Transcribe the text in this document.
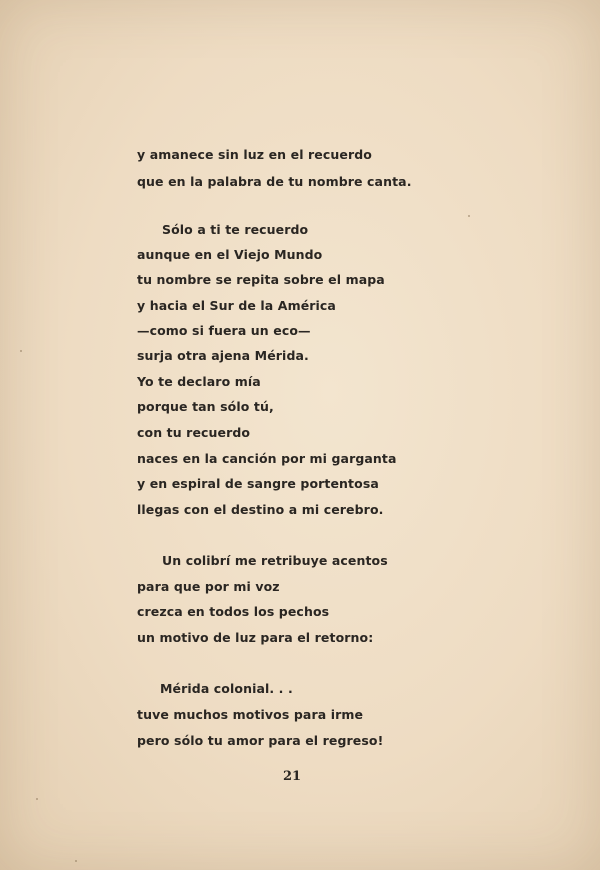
y amanece sin luz en el recuerdo
que en la palabra de tu nombre canta.
Sólo a ti te recuerdo
aunque en el Viejo Mundo
tu nombre se repita sobre el mapa
y hacia el Sur de la América
—como si fuera un eco—
surja otra ajena Mérida.
Yo te declaro mía
porque tan sólo tú,
con tu recuerdo
naces en la canción por mi garganta
y en espiral de sangre portentosa
llegas con el destino a mi cerebro.
Un colibrí me retribuye acentos
para que por mi voz
crezca en todos los pechos
un motivo de luz para el retorno:
Mérida colonial. . .
tuve muchos motivos para irme
pero sólo tu amor para el regreso!
21
